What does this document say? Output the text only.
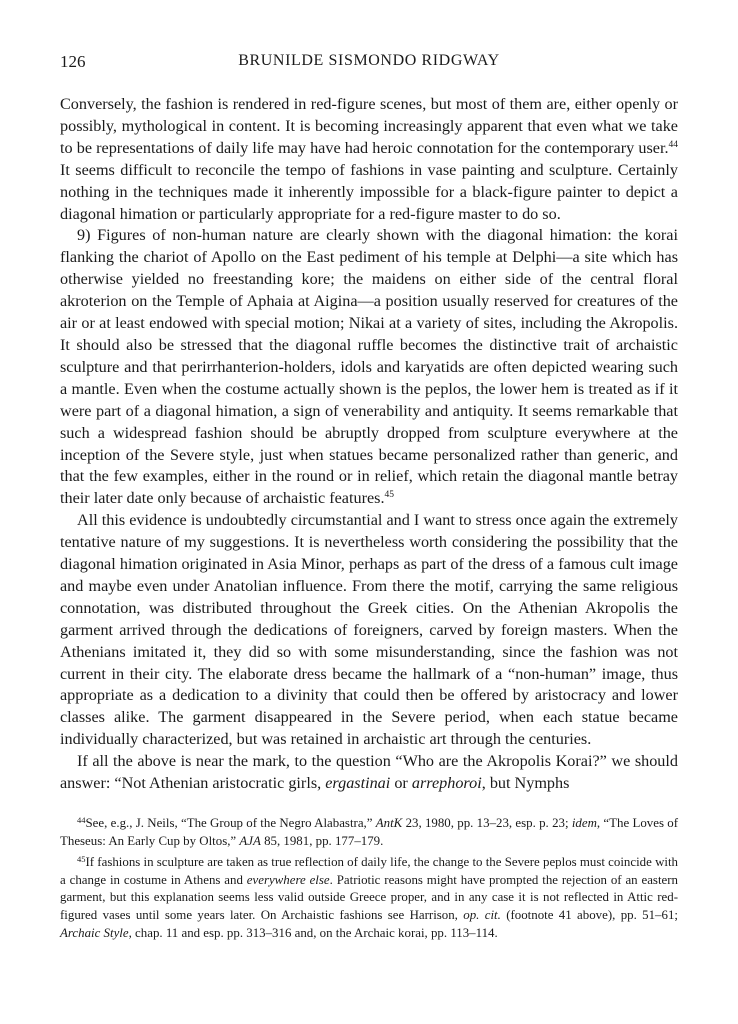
126	BRUNILDE SISMONDO RIDGWAY

Conversely, the fashion is rendered in red-figure scenes, but most of them are, either openly or possibly, mythological in content. It is becoming increasingly apparent that even what we take to be representations of daily life may have had heroic connotation for the contemporary user.$^{44}$ It seems difficult to reconcile the tempo of fashions in vase painting and sculpture. Certainly nothing in the techniques made it inherently impossible for a black-figure painter to depict a diagonal himation or particularly appropriate for a red-figure master to do so.

9) Figures of non-human nature are clearly shown with the diagonal himation: the korai flanking the chariot of Apollo on the East pediment of his temple at Delphi—a site which has otherwise yielded no freestanding kore; the maidens on either side of the central floral akroterion on the Temple of Aphaia at Aigina—a position usually reserved for creatures of the air or at least endowed with special motion; Nikai at a variety of sites, including the Akropolis. It should also be stressed that the diagonal ruffle becomes the distinctive trait of archaistic sculpture and that perirrhanterion-holders, idols and karyatids are often depicted wearing such a mantle. Even when the costume actually shown is the peplos, the lower hem is treated as if it were part of a diagonal himation, a sign of venerability and antiquity. It seems remarkable that such a widespread fashion should be abruptly dropped from sculpture everywhere at the inception of the Severe style, just when statues became personalized rather than generic, and that the few examples, either in the round or in relief, which retain the diagonal mantle betray their later date only because of archaistic features.$^{45}$

All this evidence is undoubtedly circumstantial and I want to stress once again the extremely tentative nature of my suggestions. It is nevertheless worth considering the possibility that the diagonal himation originated in Asia Minor, perhaps as part of the dress of a famous cult image and maybe even under Anatolian influence. From there the motif, carrying the same religious connotation, was distributed throughout the Greek cities. On the Athenian Akropolis the garment arrived through the dedications of foreigners, carved by foreign masters. When the Athenians imitated it, they did so with some misunderstanding, since the fashion was not current in their city. The elaborate dress became the hallmark of a “non-human” image, thus appropriate as a dedication to a divinity that could then be offered by aristocracy and lower classes alike. The garment disappeared in the Severe period, when each statue became individually characterized, but was retained in archaistic art through the centuries.

If all the above is near the mark, to the question “Who are the Akropolis Korai?” we should answer: “Not Athenian aristocratic girls, ergastinai or arrephoroi, but Nymphs

$^{44}$See, e.g., J. Neils, “The Group of the Negro Alabastra,” AntK 23, 1980, pp. 13–23, esp. p. 23; idem, “The Loves of Theseus: An Early Cup by Oltos,” AJA 85, 1981, pp. 177–179.

$^{45}$If fashions in sculpture are taken as true reflection of daily life, the change to the Severe peplos must coincide with a change in costume in Athens and everywhere else. Patriotic reasons might have prompted the rejection of an eastern garment, but this explanation seems less valid outside Greece proper, and in any case it is not reflected in Attic red-figured vases until some years later. On Archaistic fashions see Harrison, op. cit. (footnote 41 above), pp. 51–61; Archaic Style, chap. 11 and esp. pp. 313–316 and, on the Archaic korai, pp. 113–114.
